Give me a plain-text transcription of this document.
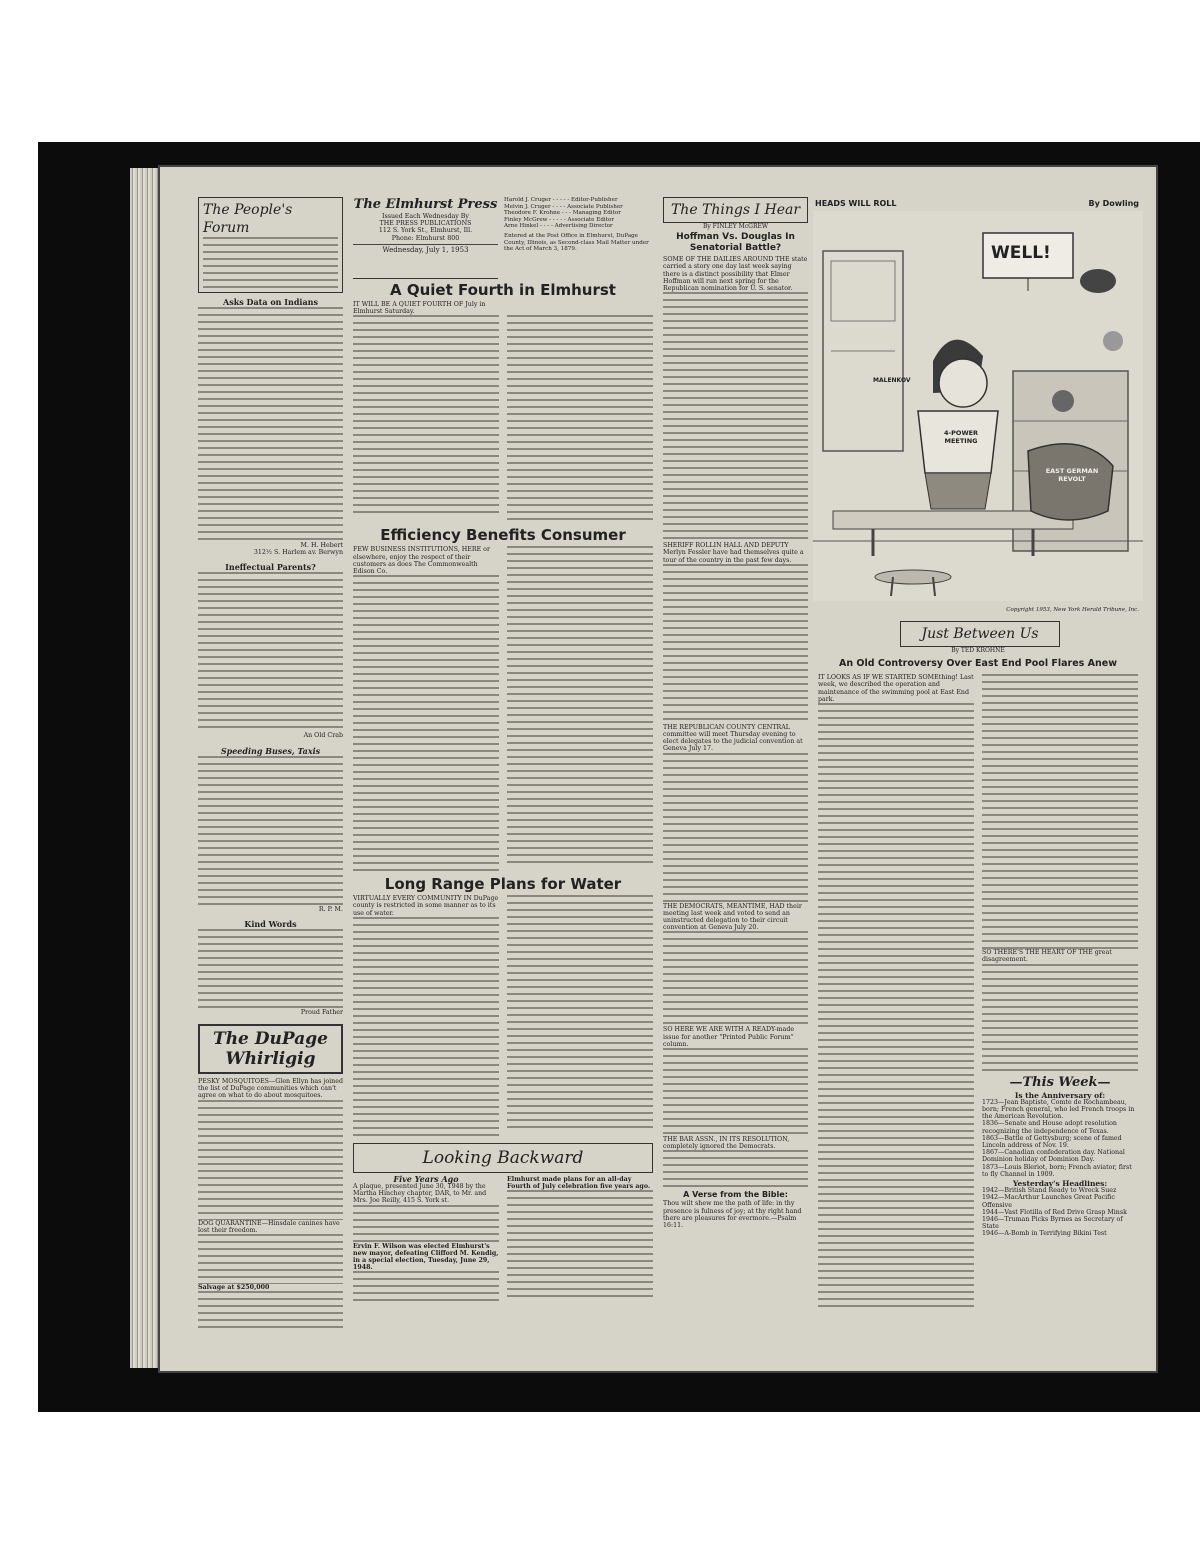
The People's Forum
Asks Data on Indians
M. H. Hebert
312½ S. Harlem av. Berwyn
Ineffectual Parents?
An Old Crab
Speeding Buses, Taxis
R. P. M.
Kind Words
Proud Father
The DuPage
Whirligig
PESKY MOSQUITOES—Glen Ellyn has joined the list of DuPage communities which can't agree on what to do about mosquitoes.
DOG QUARANTINE—Hinsdale canines have lost their freedom.
Salvage at $250,000
The Elmhurst Press
Issued Each Wednesday By
THE PRESS PUBLICATIONS
112 S. York St., Elmhurst, Ill.
Phone: Elmhurst 800
Wednesday, July 1, 1953
Harold J. Cruger - - - - - Editor-Publisher
Melvin J. Cruger - - - - Associate Publisher
Theodore F. Krohne - - - Managing Editor
Finley McGrew - - - - - Associate Editor
Arne Hinkel - - - - Advertising Director
Entered at the Post Office in Elmhurst, DuPage County, Illinois, as Second-class Mail Matter under the Act of March 3, 1879.
A Quiet Fourth in Elmhurst
IT WILL BE A QUIET FOURTH OF July in Elmhurst Saturday.
Efficiency Benefits Consumer
FEW BUSINESS INSTITUTIONS, HERE or elsewhere, enjoy the respect of their customers as does The Commonwealth Edison Co.
Long Range Plans for Water
VIRTUALLY EVERY COMMUNITY IN DuPage county is restricted in some manner as to its use of water.
Looking Backward
Five Years Ago
A plaque, presented June 30, 1948 by the Martha Hinchey chapter, DAR, to Mr. and Mrs. Joe Reilly, 415 S. York st.
Ervin F. Wilson was elected Elmhurst's new mayor, defeating Clifford M. Kendig, in a special election, Tuesday, June 29, 1948.
Elmhurst made plans for an all-day Fourth of July celebration five years ago.
The Things I Hear
By FINLEY McGREW
Hoffman Vs. Douglas In Senatorial Battle?
SOME OF THE DAILIES AROUND THE state carried a story one day last week saying there is a distinct possibility that Elmer Hoffman will run next spring for the Republican nomination for U. S. senator.
SHERIFF ROLLIN HALL AND DEPUTY Merlyn Fessler have had themselves quite a tour of the country in the past few days.
THE REPUBLICAN COUNTY CENTRAL committee will meet Thursday evening to elect delegates to the judicial convention at Geneva July 17.
THE DEMOCRATS, MEANTIME, HAD their meeting last week and voted to send an uninstructed delegation to their circuit convention at Geneva July 20.
SO HERE WE ARE WITH A READY-made issue for another "Printed Public Forum" column.
THE BAR ASSN., IN ITS RESOLUTION, completely ignored the Democrats.
A Verse from the Bible:
Thou wilt shew me the path of life: in thy presence is fulness of joy; at thy right hand there are pleasures for evermore.—Psalm 16:11.
HEADS WILL ROLL	By Dowling
WELL!
MALENKOV
4-POWER MEETING
EAST GERMAN REVOLT
Copyright 1953, New York Herald Tribune, Inc.
Just Between Us
By TED KROHNE
An Old Controversy Over East End Pool Flares Anew
IT LOOKS AS IF WE STARTED SOMEthing! Last week, we described the operation and maintenance of the swimming pool at East End park.
SO THERE'S THE HEART OF THE great disagreement.
—This Week—
Is the Anniversary of:
1723—Jean Baptiste, Comte de Rochambeau, born; French general, who led French troops in the American Revolution.
1836—Senate and House adopt resolution recognizing the independence of Texas.
1863—Battle of Gettysburg; scene of famed Lincoln address of Nov. 19.
1867—Canadian confederation day. National Dominion holiday of Dominion Day.
1873—Louis Bleriot, born; French aviator, first to fly Channel in 1909.
Yesterday's Headlines:
1942—British Stand Ready to Wreck Suez
1942—MacArthur Launches Great Pacific Offensive
1944—Vast Flotilla of Red Drive Grasp Minsk
1946—Truman Picks Byrnes as Secretary of State
1946—A-Bomb in Terrifying Bikini Test
